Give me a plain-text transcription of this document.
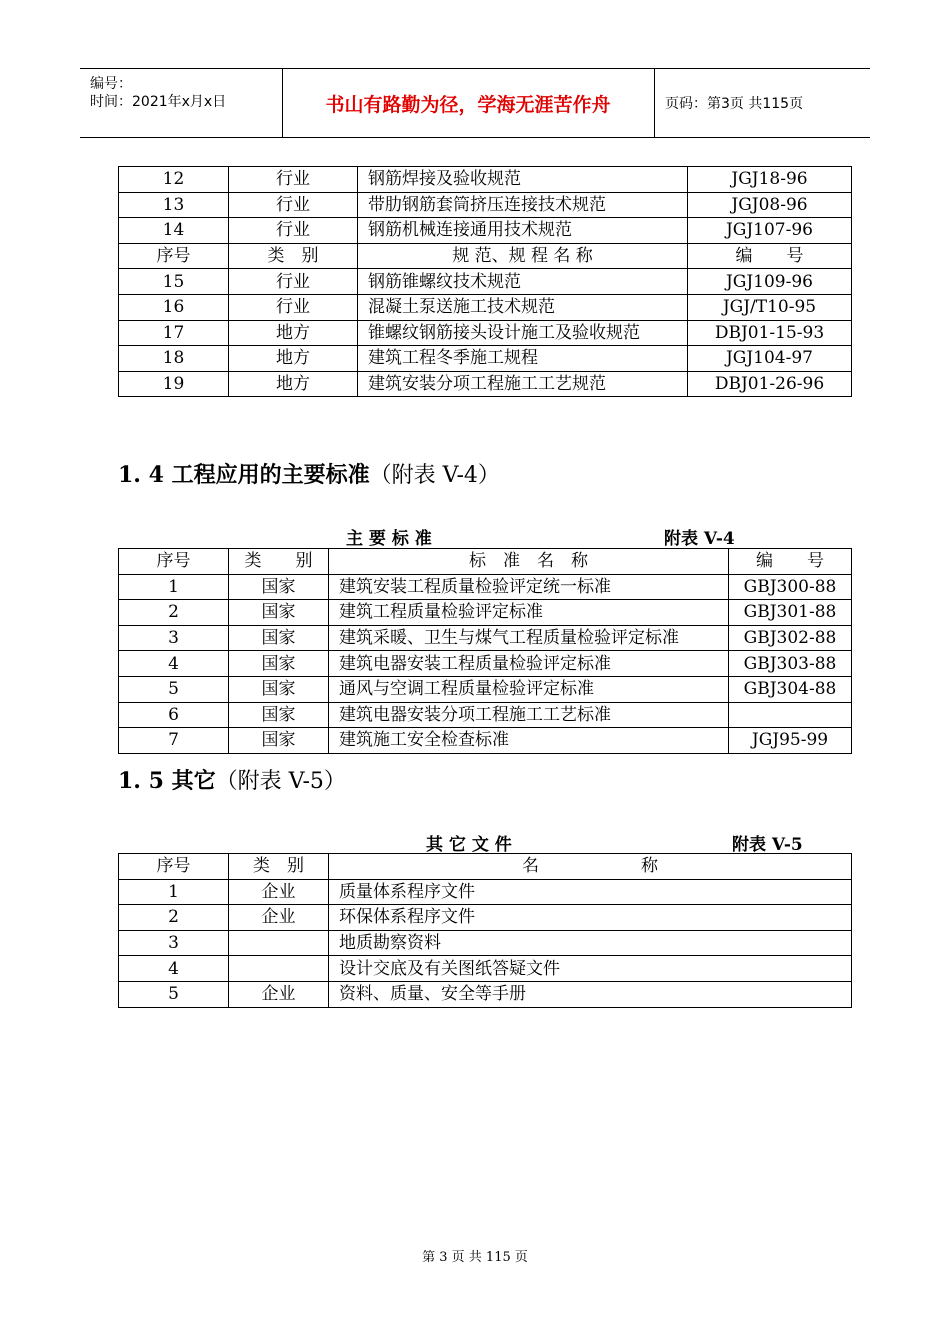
编号：
时间：2021年x月x日	书山有路勤为径，学海无涯苦作舟	页码：第3页 共115页
12	行业	钢筋焊接及验收规范	JGJ18-96
13	行业	带肋钢筋套筒挤压连接技术规范	JGJ08-96
14	行业	钢筋机械连接通用技术规范	JGJ107-96
序号	类　别	规 范、规 程 名 称	编　　号
15	行业	钢筋锥螺纹技术规范	JGJ109-96
16	行业	混凝土泵送施工技术规范	JGJ/T10-95
17	地方	锥螺纹钢筋接头设计施工及验收规范	DBJ01-15-93
18	地方	建筑工程冬季施工规程	JGJ104-97
19	地方	建筑安装分项工程施工工艺规范	DBJ01-26-96
1. 4 工程应用的主要标准（附表 V-4）
主 要 标 准	附表 V-4
序号	类　　别	标　准　名　称	编　　号
1	国家	建筑安装工程质量检验评定统一标准	GBJ300-88
2	国家	建筑工程质量检验评定标准	GBJ301-88
3	国家	建筑采暖、卫生与煤气工程质量检验评定标准	GBJ302-88
4	国家	建筑电器安装工程质量检验评定标准	GBJ303-88
5	国家	通风与空调工程质量检验评定标准	GBJ304-88
6	国家	建筑电器安装分项工程施工工艺标准	
7	国家	建筑施工安全检查标准	JGJ95-99
1. 5 其它（附表 V-5）
其 它 文 件	附表 V-5
序号	类　别	名　　　　　　称
1	企业	质量体系程序文件
2	企业	环保体系程序文件
3		地质勘察资料
4		设计交底及有关图纸答疑文件
5	企业	资料、质量、安全等手册
第 3 页 共 115 页
